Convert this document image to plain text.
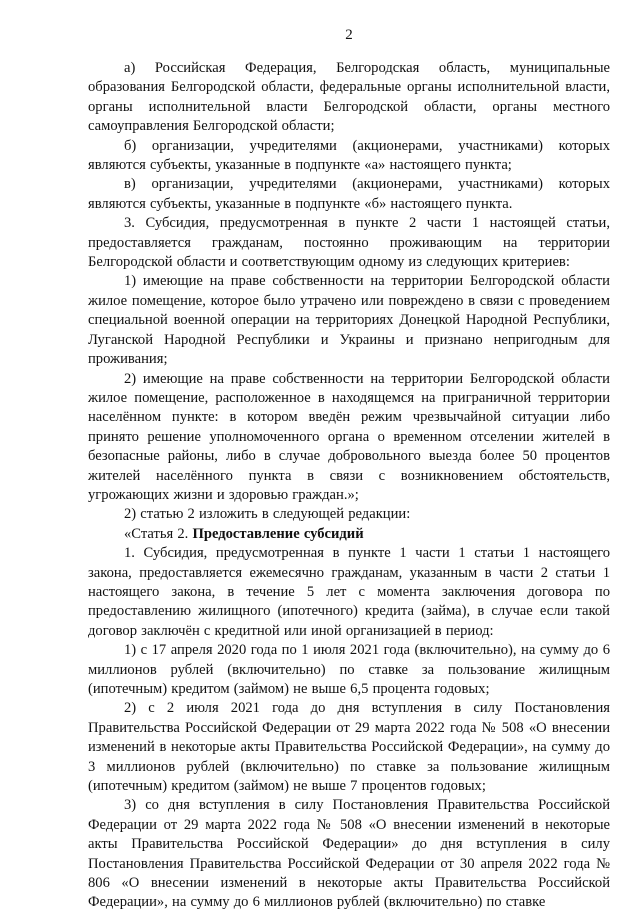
2

а) Российская Федерация, Белгородская область, муниципальные образования Белгородской области, федеральные органы исполнительной власти, органы исполнительной власти Белгородской области, органы местного самоуправления Белгородской области;

б) организации, учредителями (акционерами, участниками) которых являются субъекты, указанные в подпункте «а» настоящего пункта;

в) организации, учредителями (акционерами, участниками) которых являются субъекты, указанные в подпункте «б» настоящего пункта.

3. Субсидия, предусмотренная в пункте 2 части 1 настоящей статьи, предоставляется гражданам, постоянно проживающим на территории Белгородской области и соответствующим одному из следующих критериев:

1) имеющие на праве собственности на территории Белгородской области жилое помещение, которое было утрачено или повреждено в связи с проведением специальной военной операции на территориях Донецкой Народной Республики, Луганской Народной Республики и Украины и признано непригодным для проживания;

2) имеющие на праве собственности на территории Белгородской области жилое помещение, расположенное в находящемся на приграничной территории населённом пункте: в котором введён режим чрезвычайной ситуации либо принято решение уполномоченного органа о временном отселении жителей в безопасные районы, либо в случае добровольного выезда более 50 процентов жителей населённого пункта в связи с возникновением обстоятельств, угрожающих жизни и здоровью граждан.»;

2) статью 2 изложить в следующей редакции:

«Статья 2. Предоставление субсидий

1. Субсидия, предусмотренная в пункте 1 части 1 статьи 1 настоящего закона, предоставляется ежемесячно гражданам, указанным в части 2 статьи 1 настоящего закона, в течение 5 лет с момента заключения договора по предоставлению жилищного (ипотечного) кредита (займа), в случае если такой договор заключён с кредитной или иной организацией в период:

1) с 17 апреля 2020 года по 1 июля 2021 года (включительно), на сумму до 6 миллионов рублей (включительно) по ставке за пользование жилищным (ипотечным) кредитом (займом) не выше 6,5 процента годовых;

2) с 2 июля 2021 года до дня вступления в силу Постановления Правительства Российской Федерации от 29 марта 2022 года № 508 «О внесении изменений в некоторые акты Правительства Российской Федерации», на сумму до 3 миллионов рублей (включительно) по ставке за пользование жилищным (ипотечным) кредитом (займом) не выше 7 процентов годовых;

3) со дня вступления в силу Постановления Правительства Российской Федерации от 29 марта 2022 года № 508 «О внесении изменений в некоторые акты Правительства Российской Федерации» до дня вступления в силу Постановления Правительства Российской Федерации от 30 апреля 2022 года № 806 «О внесении изменений в некоторые акты Правительства Российской Федерации», на сумму до 6 миллионов рублей (включительно) по ставке
